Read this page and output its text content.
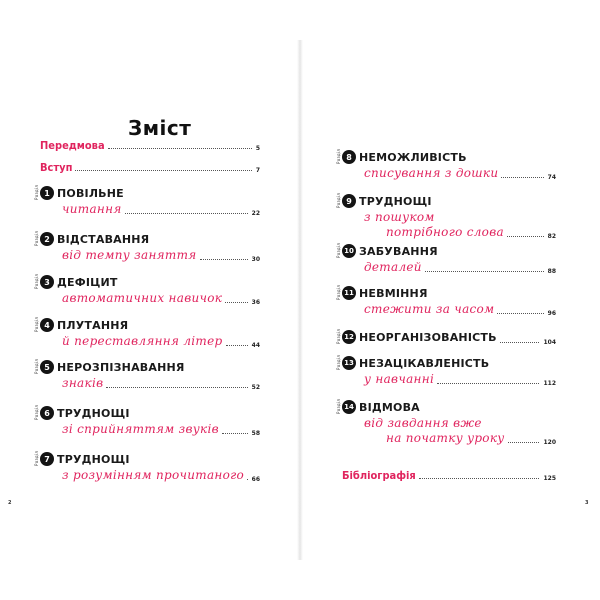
Зміст
Передмова	5
Вступ	7
1
Розділ ПОВІЛЬНЕ
читання	22
2
Розділ ВІДСТАВАННЯ
від темпу заняття	30
3
Розділ ДЕФІЦИТ
автоматичних навичок	36
4
Розділ ПЛУТАННЯ
й переставляння літер	44
5
Розділ НЕРОЗПІЗНАВАННЯ
знаків	52
6
Розділ ТРУДНОЩІ
зі сприйняттям звуків	58
7
Розділ ТРУДНОЩІ
з розумінням прочитаного 66
8
Розділ НЕМОЖЛИВІСТЬ
списування з дошки	74
9
Розділ ТРУДНОЩІ
з пошуком
потрібного слова	82
10
Розділ ЗАБУВАННЯ
деталей	88
11
Розділ НЕВМІННЯ
стежити за часом	96
12
Розділ НЕОРГАНІЗОВАНІСТЬ	104
13
Розділ НЕЗАЦІКАВЛЕНІСТЬ
у навчанні	112
14
Розділ ВІДМОВА
від завдання вже
на початку уроку	120
Бібліографія	125
2	3
